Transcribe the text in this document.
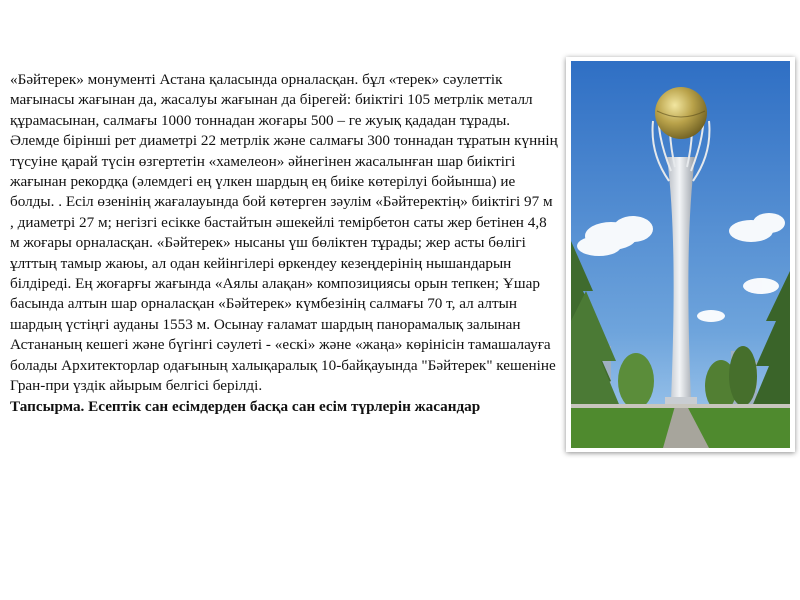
«Бәйтерек» монументі Астана қаласында орналасқан. бұл «терек» сәулеттік мағынасы жағынан да, жасалуы жағынан да бірегей: биіктігі 105 метрлік металл құрамасынан, салмағы 1000 тоннадан жоғары 500 – ге жуық қададан тұрады. Әлемде бірінші рет диаметрі 22 метрлік және салмағы 300 тоннадан тұратын күннің түсуіне қарай түсін өзгертетін «хамелеон» әйнегінен жасалынған шар биіктігі жағынан рекордқа (әлемдегі ең үлкен шардың ең биіке көтерілуі бойынша) ие болды. . Есіл өзенінің жағалауында бой көтерген зәулім «Бәйтеректің» биіктігі 97 м , диаметрі 27 м; негізгі есікке бастайтын әшекейлі темірбетон саты жер бетінен 4,8 м жоғары орналасқан. «Бәйтерек» нысаны үш бөліктен тұрады; жер асты бөлігі ұлттың тамыр жаюы, ал одан кейінгілері өркендеу кезеңдерінің нышандарын білдіреді. Ең жоғарғы жағында «Аялы алақан» композициясы орын тепкен; Ұшар басында алтын шар орналасқан «Бәйтерек» күмбезінің салмағы 70 т, ал алтын шардың үстіңгі ауданы 1553 м. Осынау ғаламат шардың панорамалық залынан Астананың кешегі және бүгінгі сәулеті - «ескі» және «жаңа» көрінісін тамашалауға болады Архитекторлар одағының халықаралық 10-байқауында "Бәйтерек" кешеніне Гран-при үздік айырым белгісі берілді.

Тапсырма. Есептік сан есімдерден басқа сан есім түрлерін жасандар
